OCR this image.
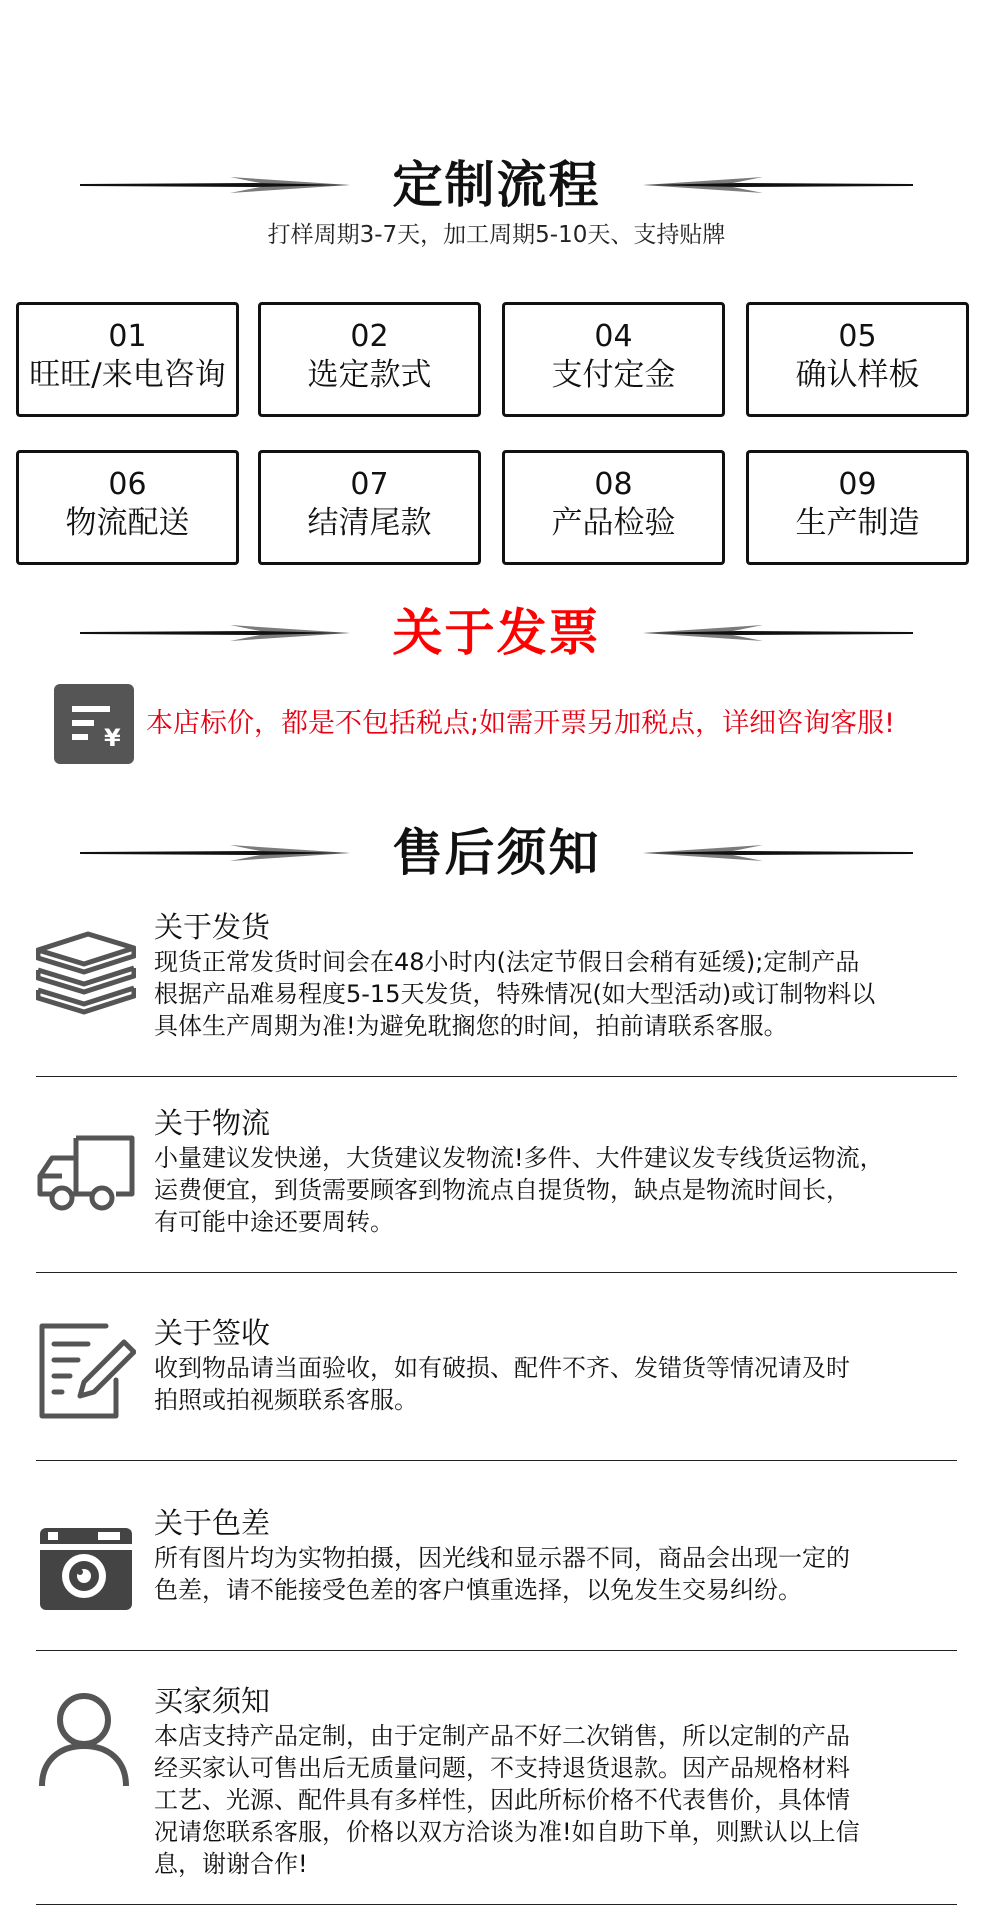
定制流程
打样周期3-7天，加工周期5-10天、支持贴牌
01
旺旺/来电咨询
02
选定款式
04
支付定金
05
确认样板
06
物流配送
07
结清尾款
08
产品检验
09
生产制造
关于发票
¥ 本店标价，都是不包括税点;如需开票另加税点，详细咨询客服!
售后须知
关于发货
现货正常发货时间会在48小时内(法定节假日会稍有延缓);定制产品
根据产品难易程度5-15天发货，特殊情况(如大型活动)或订制物料以
具体生产周期为准!为避免耽搁您的时间，拍前请联系客服。
关于物流
小量建议发快递，大货建议发物流!多件、大件建议发专线货运物流，
运费便宜，到货需要顾客到物流点自提货物，缺点是物流时间长，
有可能中途还要周转。
关于签收
收到物品请当面验收，如有破损、配件不齐、发错货等情况请及时
拍照或拍视频联系客服。
关于色差
所有图片均为实物拍摄，因光线和显示器不同，商品会出现一定的
色差，请不能接受色差的客户慎重选择，以免发生交易纠纷。
买家须知
本店支持产品定制，由于定制产品不好二次销售，所以定制的产品
经买家认可售出后无质量问题，不支持退货退款。因产品规格材料
工艺、光源、配件具有多样性，因此所标价格不代表售价，具体情
况请您联系客服，价格以双方洽谈为准!如自助下单，则默认以上信
息，谢谢合作!
